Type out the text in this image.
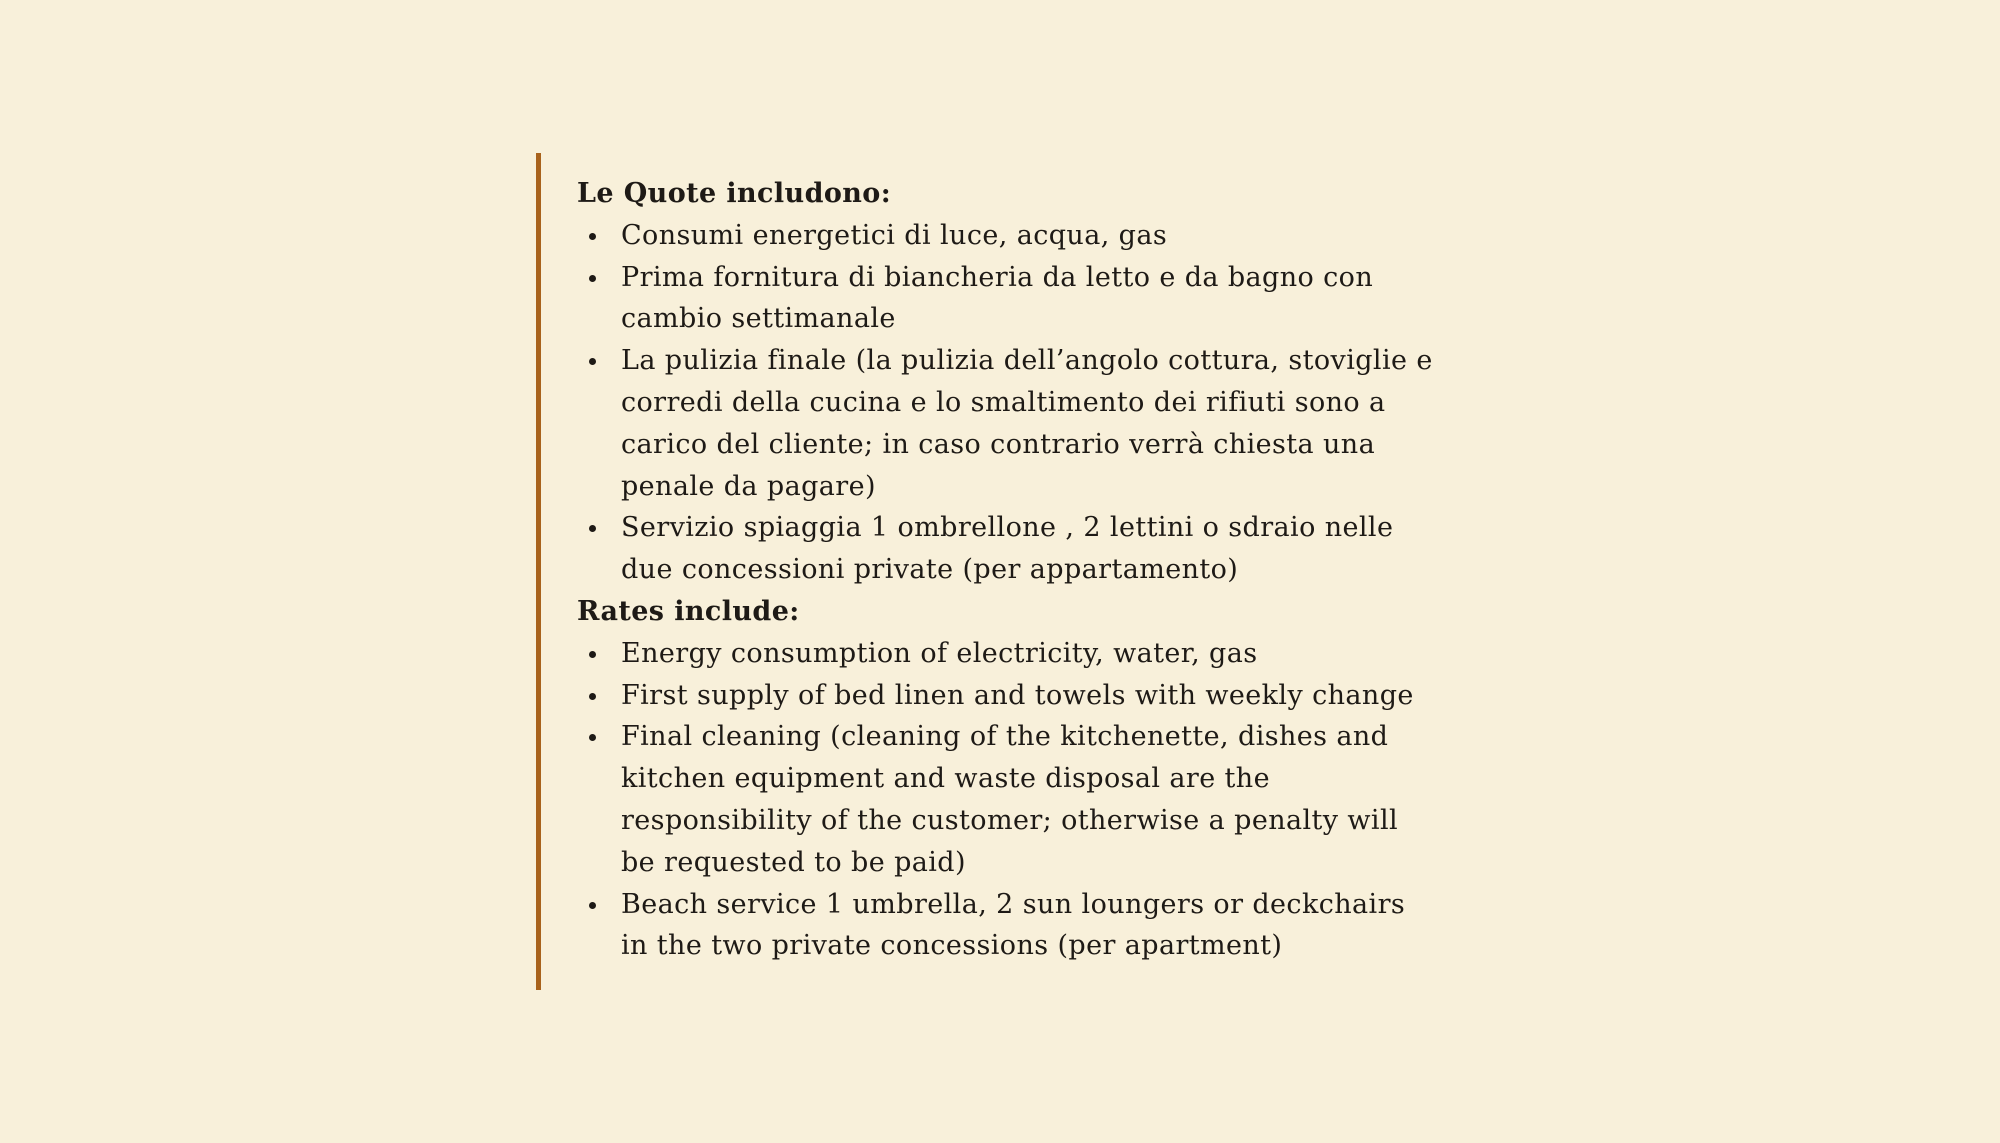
Le Quote includono:

Consumi energetici di luce, acqua, gas
Prima fornitura di biancheria da letto e da bagno con cambio settimanale
La pulizia finale (la pulizia dell’angolo cottura, stoviglie e corredi della cucina e lo smaltimento dei rifiuti sono a carico del cliente; in caso contrario verrà chiesta una penale da pagare)
Servizio spiaggia 1 ombrellone , 2 lettini o sdraio nelle due concessioni private (per appartamento)

Rates include:

Energy consumption of electricity, water, gas
First supply of bed linen and towels with weekly change
Final cleaning (cleaning of the kitchenette, dishes and kitchen equipment and waste disposal are the responsibility of the customer; otherwise a penalty will be requested to be paid)
Beach service 1 umbrella, 2 sun loungers or deckchairs in the two private concessions (per apartment)
